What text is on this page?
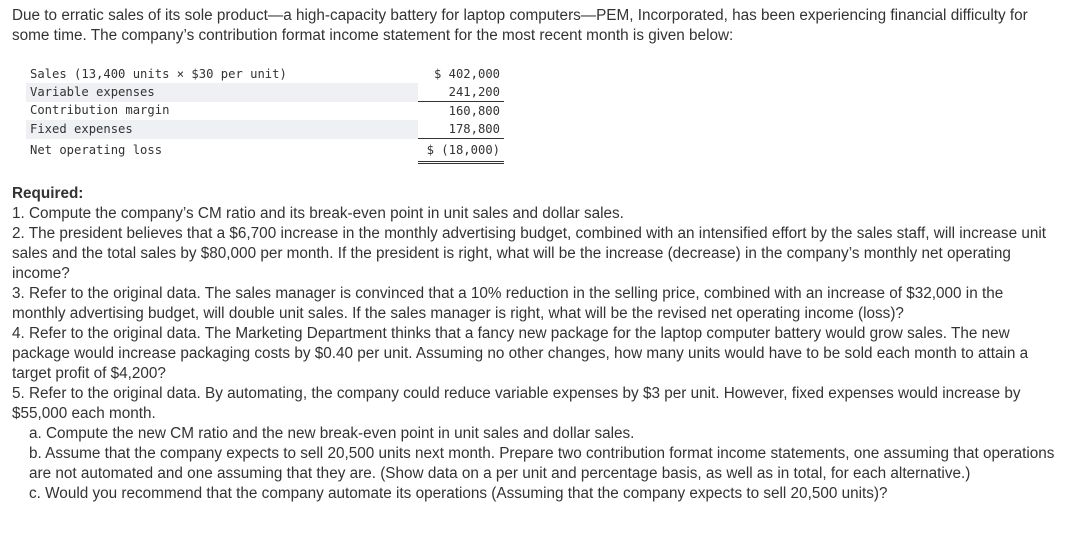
Due to erratic sales of its sole product—a high-capacity battery for laptop computers—PEM, Incorporated, has been experiencing financial difficulty for some time. The company’s contribution format income statement for the most recent month is given below:

Sales (13,400 units × $30 per unit)	$ 402,000
Variable expenses	241,200
Contribution margin	160,800
Fixed expenses	178,800
Net operating loss	$ (18,000)

Required:

1. Compute the company’s CM ratio and its break-even point in unit sales and dollar sales.

2. The president believes that a $6,700 increase in the monthly advertising budget, combined with an intensified effort by the sales staff, will increase unit sales and the total sales by $80,000 per month. If the president is right, what will be the increase (decrease) in the company’s monthly net operating income?

3. Refer to the original data. The sales manager is convinced that a 10% reduction in the selling price, combined with an increase of $32,000 in the monthly advertising budget, will double unit sales. If the sales manager is right, what will be the revised net operating income (loss)?

4. Refer to the original data. The Marketing Department thinks that a fancy new package for the laptop computer battery would grow sales. The new package would increase packaging costs by $0.40 per unit. Assuming no other changes, how many units would have to be sold each month to attain a target profit of $4,200?

5. Refer to the original data. By automating, the company could reduce variable expenses by $3 per unit. However, fixed expenses would increase by $55,000 each month.

a. Compute the new CM ratio and the new break-even point in unit sales and dollar sales.

b. Assume that the company expects to sell 20,500 units next month. Prepare two contribution format income statements, one assuming that operations are not automated and one assuming that they are. (Show data on a per unit and percentage basis, as well as in total, for each alternative.)

c. Would you recommend that the company automate its operations (Assuming that the company expects to sell 20,500 units)?
